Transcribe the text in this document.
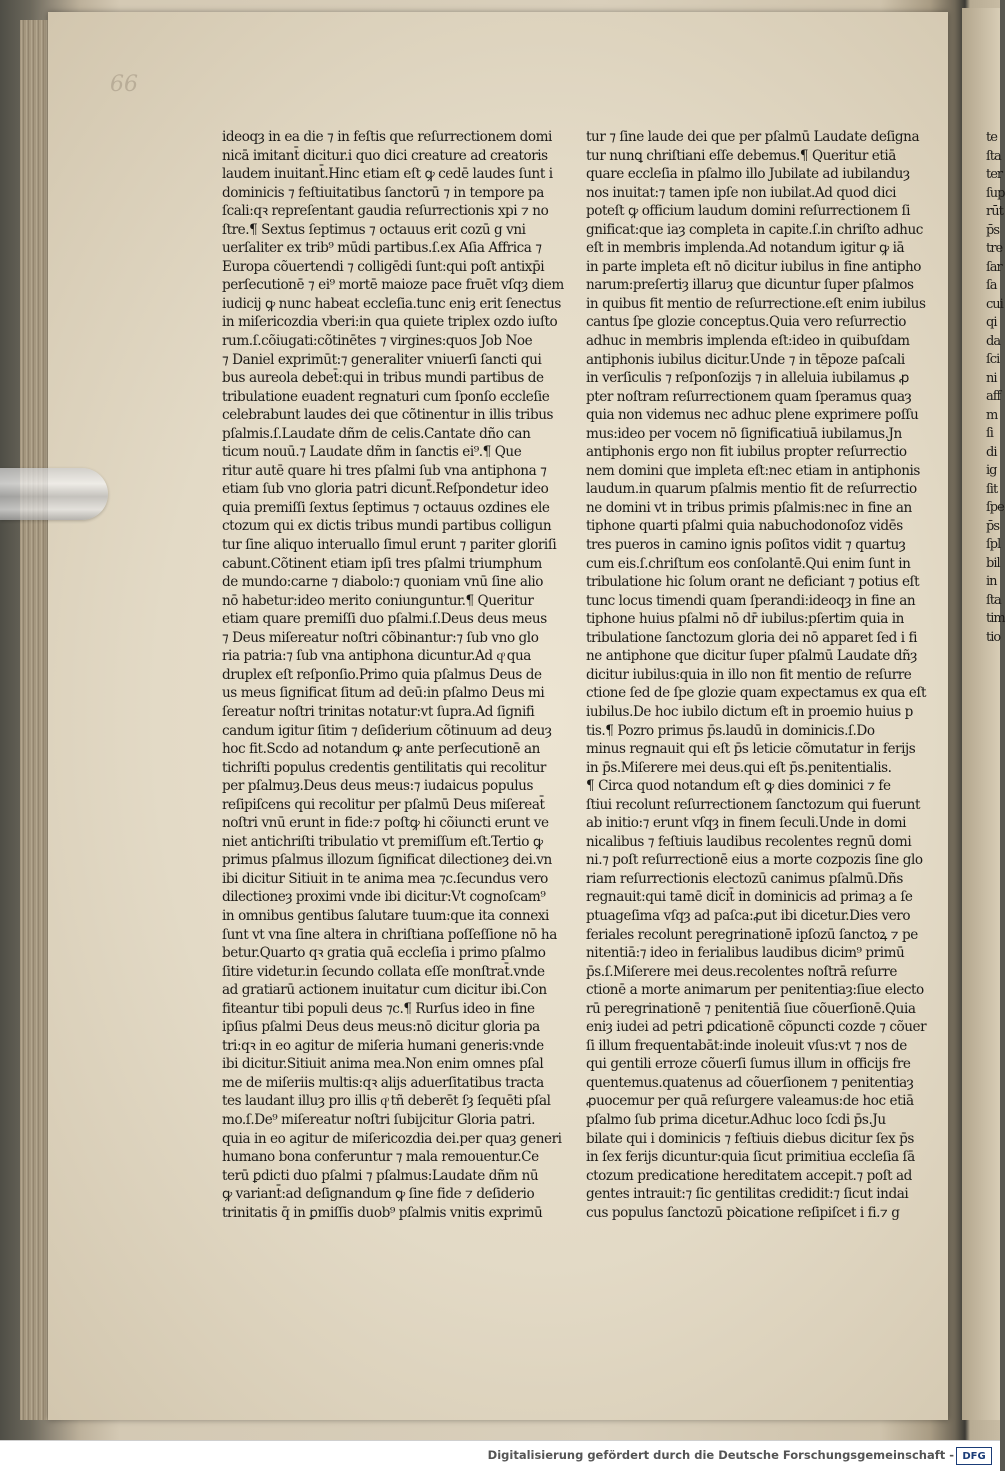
te
ſta
ter
ſup
rūt
p̄s
tre
ſar
ſa
cui
qi
da
ſci
ni
aff
m
ſi
di
ig
ſit
ſpe
p̄s
ſpl
bil
in
ſta
tim
tio
66
ideoqȝ in ea die ⁊ in feſtis que reſurrectionem domi
nicā imitant̄ dicitur.i quo dici creature ad creatoris
laudem inuitant̄.Hinc etiam eſt ꝙ cedē laudes ſunt i
dominicis ⁊ feſtiuitatibus ſanctorū ⁊ in tempore pa
ſcali:qꝛ repreſentant gaudia reſurrectionis xpi ⁊ no
ſtre.¶ Sextus ſeptimus ⁊ octauus erit cozū g vni
uerſaliter ex trib⁹ mūdi partibus.ſ.ex Aſia Affrica ⁊
Europa cõuertendi ⁊ colligēdi ſunt:qui poſt antixp̄i
perſecutionē ⁊ ei⁹ mortē maioze pace fruēt vſqȝ diem
iudicij ꝙ nunc habeat eccleſia.tunc eniȝ erit ſenectus
in miſericozdia vberi:in qua quiete triplex ozdo iuſto
rum.ſ.cõiugati:cõtinētes ⁊ virgines:quos Job Noe
⁊ Daniel exprimūt:⁊ generaliter vniuerſi ſancti qui
bus aureola debet̄:qui in tribus mundi partibus de
tribulatione euadent regnaturi cum ſponſo eccleſie
celebrabunt laudes dei que cõtinentur in illis tribus
pſalmis.ſ.Laudate dñm de celis.Cantate dño can
ticum nouū.⁊ Laudate dñm in ſanctis ei⁹.¶ Que
ritur autē quare hi tres pſalmi ſub vna antiphona ⁊
etiam ſub vno gloria patri dicunt̄.Reſpondetur ideo
quia premiſſi ſextus ſeptimus ⁊ octauus ozdines ele
ctozum qui ex dictis tribus mundi partibus colligun
tur ſine aliquo interuallo ſimul erunt ⁊ pariter gloriſi
cabunt.Cõtinent etiam ipſi tres pſalmi triumphum
de mundo:carne ⁊ diabolo:⁊ quoniam vnū ſine alio
nō habetur:ideo merito coniunguntur.¶ Queritur
etiam quare premiſſi duo pſalmi.ſ.Deus deus meus
⁊ Deus miſereatur noſtri cõbinantur:⁊ ſub vno glo
ria patria:⁊ ſub vna antiphona dicuntur.Ad qͦ qua
druplex eſt reſponſio.Primo quia pſalmus Deus de
us meus ſignificat ſitum ad deū:in pſalmo Deus mi
ſereatur noſtri trinitas notatur:vt ſupra.Ad ſignifi
candum igitur ſitim ⁊ deſiderium cõtinuum ad deuȝ
hoc fit.Scdo ad notandum ꝙ ante perſecutionē an
tichriſti populus credentis gentilitatis qui recolitur
per pſalmuȝ.Deus deus meus:⁊ iudaicus populus
reſipiſcens qui recolitur per pſalmū Deus miſereat̄
noſtri vnū erunt in fide:⁊ poſtꝙ hi cõiuncti erunt ve
niet antichriſti tribulatio vt premiſſum eſt.Tertio ꝙ
primus pſalmus illozum ſignificat dilectioneȝ dei.vn
ibi dicitur Sitiuit in te anima mea ⁊c.ſecundus vero
dilectioneȝ proximi vnde ibi dicitur:Vt cognoſcam⁹
in omnibus gentibus ſalutare tuum:que ita connexi
ſunt vt vna ſine altera in chriſtiana poſſeſſione nō ha
betur.Quarto qꝛ gratia quā eccleſia i primo pſalmo
ſitire videtur.in ſecundo collata eſſe monſtrat̄.vnde
ad gratiarū actionem inuitatur cum dicitur ibi.Con
fiteantur tibi populi deus ⁊c.¶ Rurſus ideo in fine
ipſius pſalmi Deus deus meus:nō dicitur gloria pa
tri:qꝛ in eo agitur de miſeria humani generis:vnde
ibi dicitur.Sitiuit anima mea.Non enim omnes pſal
me de miſeriis multis:qꝛ alijs aduerſitatibus tracta
tes laudant illuȝ pro illis qͦ tñ deberēt ſȝ ſequēti pſal
mo.ſ.De⁹ miſereatur noſtri ſubijcitur Gloria patri.
quia in eo agitur de miſericozdia dei.per quaȝ generi
humano bona conferuntur ⁊ mala remouentur.Ce
terū ꝑdicti duo pſalmi ⁊ pſalmus:Laudate dñm nū
ꝙ variant̄:ad deſignandum ꝙ ſine fide ⁊ deſiderio
trinitatis q̄ in ꝑmiſſis duob⁹ pſalmis vnitis exprimū
tur ⁊ ſine laude dei que per pſalmū Laudate deſigna
tur nunꝗ chriſtiani eſſe debemus.¶ Queritur etiā
quare eccleſia in pſalmo illo Jubilate ad iubilanduȝ
nos inuitat:⁊ tamen ipſe non iubilat.Ad quod dici
poteſt ꝙ officium laudum domini reſurrectionem ſi
gnificat:que iaȝ completa in capite.ſ.in chriſto adhuc
eſt in membris implenda.Ad notandum igitur ꝙ iā
in parte impleta eſt nō dicitur iubilus in fine antipho
narum:preſertiȝ illaruȝ que dicuntur ſuper pſalmos
in quibus fit mentio de reſurrectione.eſt enim iubilus
cantus ſpe glozie conceptus.Quia vero reſurrectio
adhuc in membris implenda eſt:ideo in quibuſdam
antiphonis iubilus dicitur.Unde ⁊ in tēpoze paſcali
in verſiculis ⁊ reſponſozijs ⁊ in alleluia iubilamus ꝓ
pter noſtram reſurrectionem quam ſperamus quaȝ
quia non videmus nec adhuc plene exprimere poſſu
mus:ideo per vocem nō ſignificatiuā iubilamus.Jn
antiphonis ergo non fit iubilus propter reſurrectio
nem domini que impleta eſt:nec etiam in antiphonis
laudum.in quarum pſalmis mentio fit de reſurrectio
ne domini vt in tribus primis pſalmis:nec in fine an
tiphone quarti pſalmi quia nabuchodonoſoz vidēs
tres pueros in camino ignis poſitos vidit ⁊ quartuȝ
cum eis.ſ.chriſtum eos conſolantē.Qui enim ſunt in
tribulatione hic ſolum orant ne deficiant ⁊ potius eſt
tunc locus timendi quam ſperandi:ideoqȝ in fine an
tiphone huius pſalmi nō dr̄ iubilus:pſertim quia in
tribulatione ſanctozum gloria dei nō apparet ſed i fi
ne antiphone que dicitur ſuper pſalmū Laudate dñȝ
dicitur iubilus:quia in illo non fit mentio de reſurre
ctione ſed de ſpe glozie quam expectamus ex qua eſt
iubilus.De hoc iubilo dictum eſt in proemio huius p
tis.¶ Pozro primus p̄s.laudū in dominicis.ſ.Do
minus regnauit qui eſt p̄s leticie cõmutatur in ferijs
in p̄s.Miſerere mei deus.qui eſt p̄s.penitentialis.
¶ Circa quod notandum eſt ꝙ dies dominici ⁊ fe
ſtiui recolunt reſurrectionem ſanctozum qui fuerunt
ab initio:⁊ erunt vſqȝ in finem ſeculi.Unde in domi
nicalibus ⁊ feſtiuis laudibus recolentes regnū domi
ni.⁊ poſt reſurrectionē eius a morte cozpozis ſine glo
riam reſurrectionis electozū canimus pſalmū.Dñs
regnauit:qui tamē dicit̄ in dominicis ad primaȝ a ſe
ptuageſima vſqȝ ad paſca:ꝓut ibi dicetur.Dies vero
feriales recolunt peregrinationē ipſozū ſanctoꝝ ⁊ pe
nitentiā:⁊ ideo in ferialibus laudibus dicim⁹ primū
p̄s.ſ.Miſerere mei deus.recolentes noſtrā reſurre
ctionē a morte animarum per penitentiaȝ:ſiue electo
rū peregrinationē ⁊ penitentiā ſiue cõuerſionē.Quia
eniȝ iudei ad petri ꝑdicationē cõpuncti cozde ⁊ cõuer
ſi illum frequentabāt:inde inoleuit vſus:vt ⁊ nos de
qui gentili erroze cõuerſi ſumus illum in officijs fre
quentemus.quatenus ad cõuerſionem ⁊ penitentiaȝ
ꝓuocemur per quā reſurgere valeamus:de hoc etiā
pſalmo ſub prima dicetur.Adhuc loco ſcdi p̄s.Ju
bilate qui i dominicis ⁊ feſtiuis diebus dicitur ſex p̄s
in ſex ferijs dicuntur:quia ſicut primitiua eccleſia ſā
ctozum predicatione hereditatem accepit.⁊ poſt ad
gentes intrauit:⁊ ſic gentilitas credidit:⁊ ſicut indai
cus populus ſanctozū pꝺicatione reſipiſcet i fi.⁊ g
Digitalisierung gefördert durch die Deutsche Forschungsgemeinschaft - DFG
